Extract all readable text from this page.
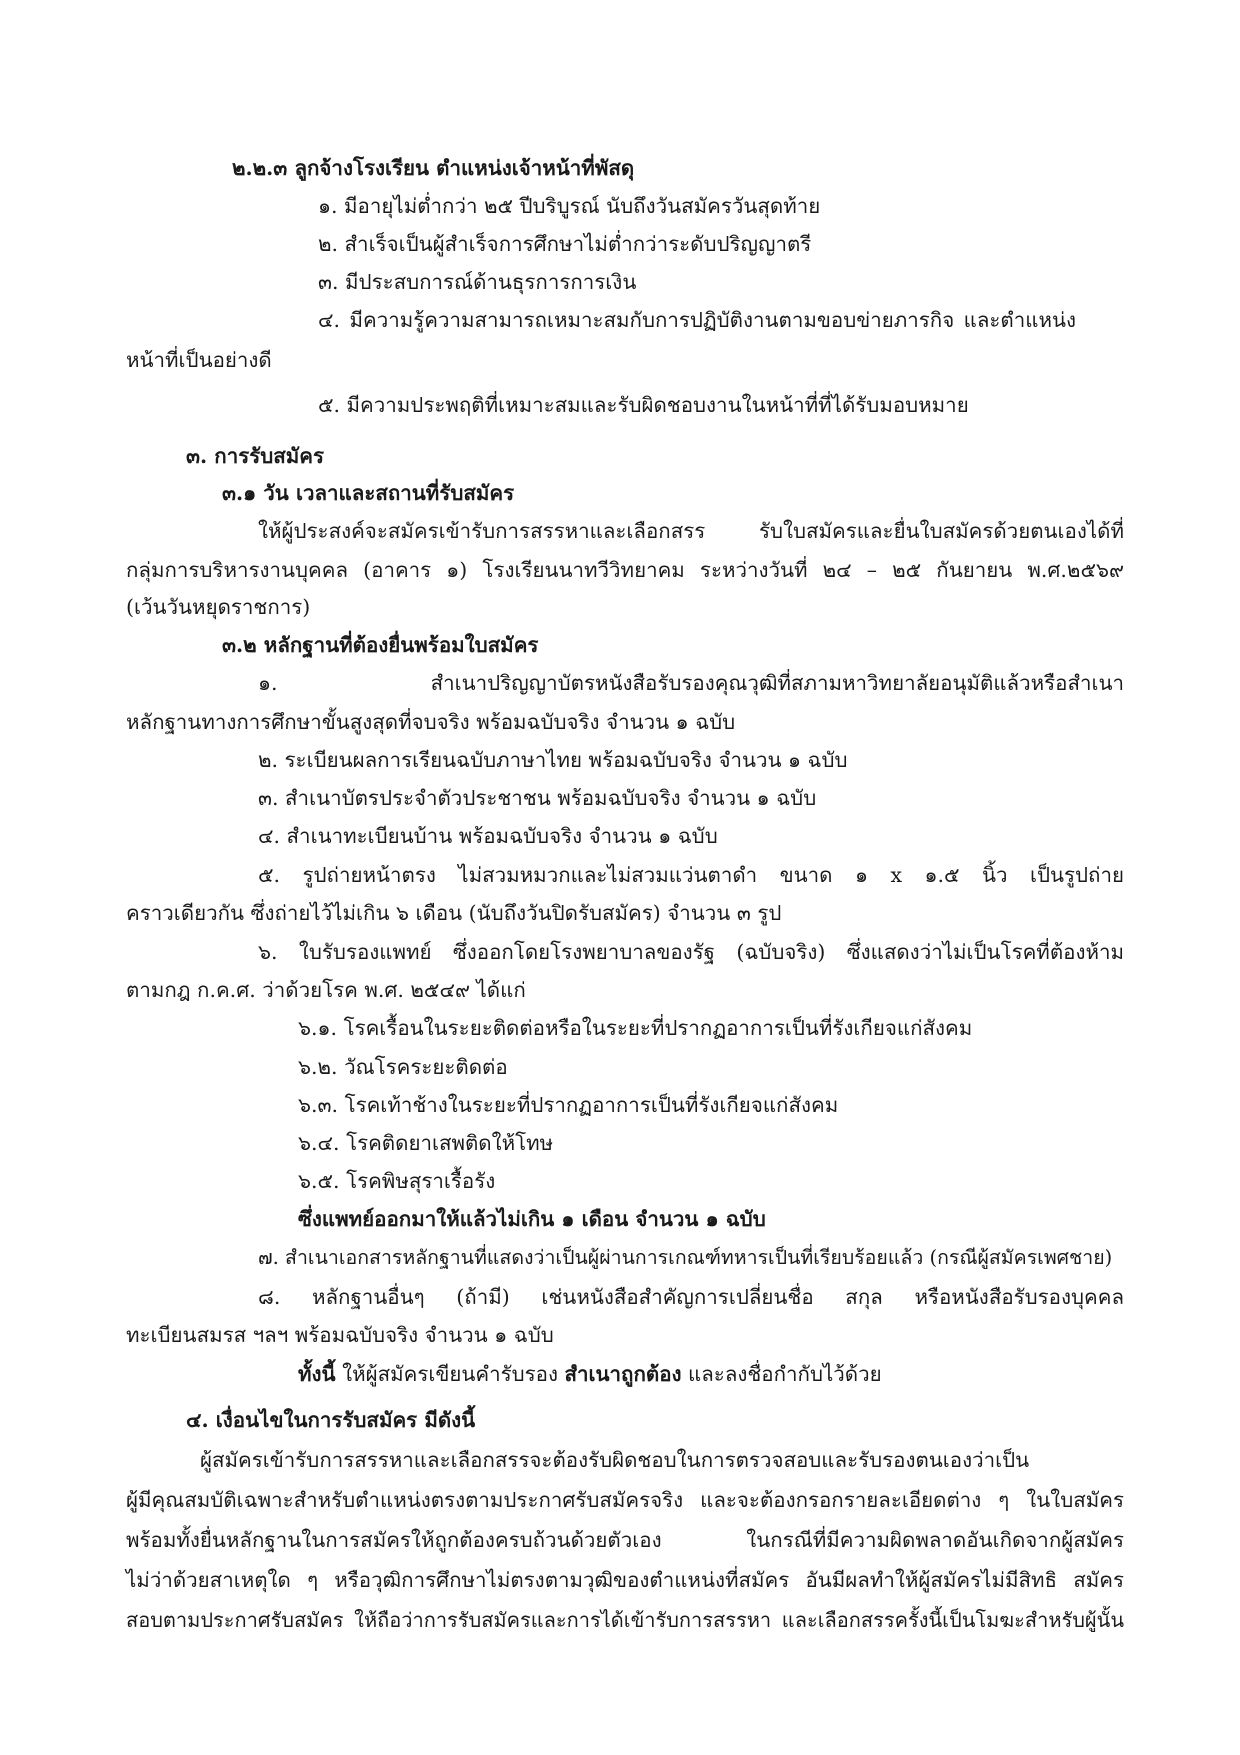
๒.๒.๓ ลูกจ้างโรงเรียน ตำแหน่งเจ้าหน้าที่พัสดุ
๑. มีอายุไม่ต่ำกว่า ๒๕ ปีบริบูรณ์ นับถึงวันสมัครวันสุดท้าย
๒. สำเร็จเป็นผู้สำเร็จการศึกษาไม่ต่ำกว่าระดับปริญญาตรี
๓. มีประสบการณ์ด้านธุรการการเงิน
๔. มีความรู้ความสามารถเหมาะสมกับการปฏิบัติงานตามขอบข่ายภารกิจ และตำแหน่ง
หน้าที่เป็นอย่างดี
๕. มีความประพฤติที่เหมาะสมและรับผิดชอบงานในหน้าที่ที่ได้รับมอบหมาย
๓. การรับสมัคร
๓.๑ วัน เวลาและสถานที่รับสมัคร
ให้ผู้ประสงค์จะสมัครเข้ารับการสรรหาและเลือกสรร รับใบสมัครและยื่นใบสมัครด้วยตนเองได้ที่
กลุ่มการบริหารงานบุคคล (อาคาร ๑) โรงเรียนนาทวีวิทยาคม ระหว่างวันที่ ๒๔ – ๒๕ กันยายน พ.ศ.๒๕๖๙
(เว้นวันหยุดราชการ)
๓.๒ หลักฐานที่ต้องยื่นพร้อมใบสมัคร
๑. สำเนาปริญญาบัตรหนังสือรับรองคุณวุฒิที่สภามหาวิทยาลัยอนุมัติแล้วหรือสำเนา
หลักฐานทางการศึกษาขั้นสูงสุดที่จบจริง พร้อมฉบับจริง จำนวน ๑ ฉบับ
๒. ระเบียนผลการเรียนฉบับภาษาไทย พร้อมฉบับจริง จำนวน ๑ ฉบับ
๓. สำเนาบัตรประจำตัวประชาชน พร้อมฉบับจริง จำนวน ๑ ฉบับ
๔. สำเนาทะเบียนบ้าน พร้อมฉบับจริง จำนวน ๑ ฉบับ
๕. รูปถ่ายหน้าตรง ไม่สวมหมวกและไม่สวมแว่นตาดำ ขนาด ๑ x ๑.๕ นิ้ว เป็นรูปถ่าย
คราวเดียวกัน ซึ่งถ่ายไว้ไม่เกิน ๖ เดือน (นับถึงวันปิดรับสมัคร) จำนวน ๓ รูป
๖. ใบรับรองแพทย์ ซึ่งออกโดยโรงพยาบาลของรัฐ (ฉบับจริง) ซึ่งแสดงว่าไม่เป็นโรคที่ต้องห้าม
ตามกฎ ก.ค.ศ. ว่าด้วยโรค พ.ศ. ๒๕๔๙ ได้แก่
๖.๑. โรคเรื้อนในระยะติดต่อหรือในระยะที่ปรากฏอาการเป็นที่รังเกียจแก่สังคม
๖.๒. วัณโรคระยะติดต่อ
๖.๓. โรคเท้าช้างในระยะที่ปรากฏอาการเป็นที่รังเกียจแก่สังคม
๖.๔. โรคติดยาเสพติดให้โทษ
๖.๕. โรคพิษสุราเรื้อรัง
ซึ่งแพทย์ออกมาให้แล้วไม่เกิน ๑ เดือน จำนวน ๑ ฉบับ
๗. สำเนาเอกสารหลักฐานที่แสดงว่าเป็นผู้ผ่านการเกณฑ์ทหารเป็นที่เรียบร้อยแล้ว (กรณีผู้สมัครเพศชาย)
๘. หลักฐานอื่นๆ (ถ้ามี) เช่นหนังสือสำคัญการเปลี่ยนชื่อ สกุล หรือหนังสือรับรองบุคคล
ทะเบียนสมรส ฯลฯ พร้อมฉบับจริง จำนวน ๑ ฉบับ
ทั้งนี้ ให้ผู้สมัครเขียนคำรับรอง สำเนาถูกต้อง และลงชื่อกำกับไว้ด้วย
๔. เงื่อนไขในการรับสมัคร มีดังนี้
ผู้สมัครเข้ารับการสรรหาและเลือกสรรจะต้องรับผิดชอบในการตรวจสอบและรับรองตนเองว่าเป็น
ผู้มีคุณสมบัติเฉพาะสำหรับตำแหน่งตรงตามประกาศรับสมัครจริง และจะต้องกรอกรายละเอียดต่าง ๆ ในใบสมัคร
พร้อมทั้งยื่นหลักฐานในการสมัครให้ถูกต้องครบถ้วนด้วยตัวเอง ในกรณีที่มีความผิดพลาดอันเกิดจากผู้สมัคร
ไม่ว่าด้วยสาเหตุใด ๆ หรือวุฒิการศึกษาไม่ตรงตามวุฒิของตำแหน่งที่สมัคร อันมีผลทำให้ผู้สมัครไม่มีสิทธิ สมัคร
สอบตามประกาศรับสมัคร ให้ถือว่าการรับสมัครและการได้เข้ารับการสรรหา และเลือกสรรครั้งนี้เป็นโมฆะสำหรับผู้นั้น
